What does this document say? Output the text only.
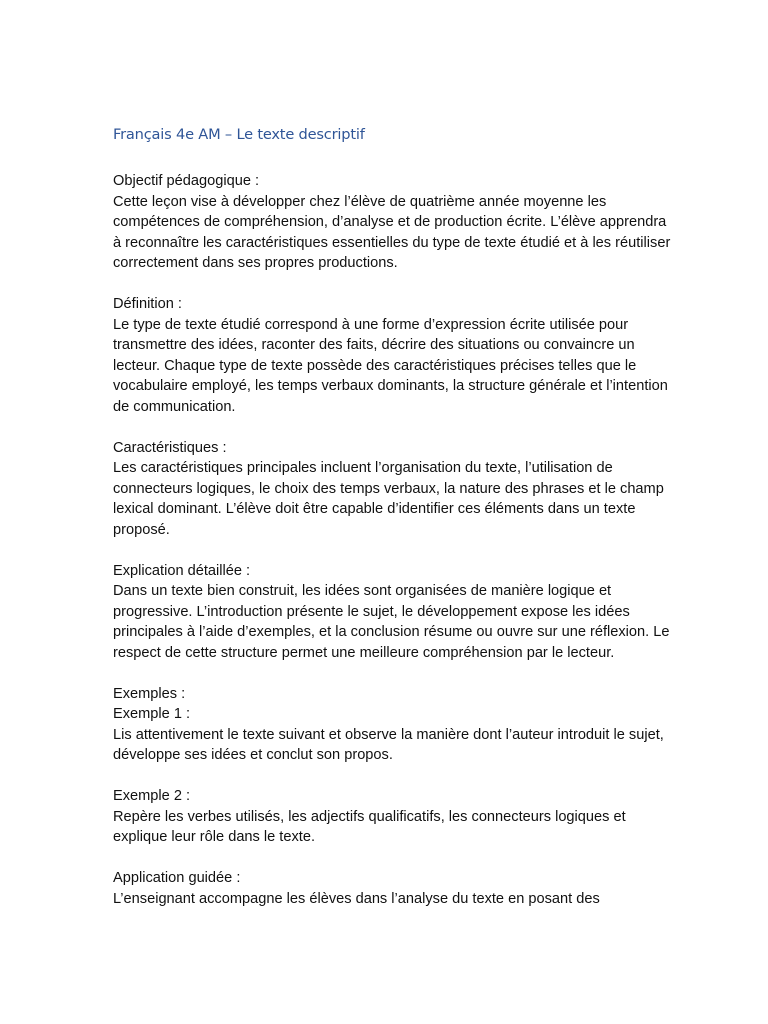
Français 4e AM – Le texte descriptif
Objectif pédagogique :

Cette leçon vise à développer chez l’élève de quatrième année moyenne les compétences de compréhension, d’analyse et de production écrite. L’élève apprendra à reconnaître les caractéristiques essentielles du type de texte étudié et à les réutiliser correctement dans ses propres productions.

Définition :

Le type de texte étudié correspond à une forme d’expression écrite utilisée pour transmettre des idées, raconter des faits, décrire des situations ou convaincre un lecteur. Chaque type de texte possède des caractéristiques précises telles que le vocabulaire employé, les temps verbaux dominants, la structure générale et l’intention de communication.

Caractéristiques :

Les caractéristiques principales incluent l’organisation du texte, l’utilisation de connecteurs logiques, le choix des temps verbaux, la nature des phrases et le champ lexical dominant. L’élève doit être capable d’identifier ces éléments dans un texte proposé.

Explication détaillée :

Dans un texte bien construit, les idées sont organisées de manière logique et progressive. L’introduction présente le sujet, le développement expose les idées principales à l’aide d’exemples, et la conclusion résume ou ouvre sur une réflexion. Le respect de cette structure permet une meilleure compréhension par le lecteur.

Exemples :
Exemple 1 :

Lis attentivement le texte suivant et observe la manière dont l’auteur introduit le sujet, développe ses idées et conclut son propos.

Exemple 2 :

Repère les verbes utilisés, les adjectifs qualificatifs, les connecteurs logiques et explique leur rôle dans le texte.

Application guidée :

L’enseignant accompagne les élèves dans l’analyse du texte en posant des
